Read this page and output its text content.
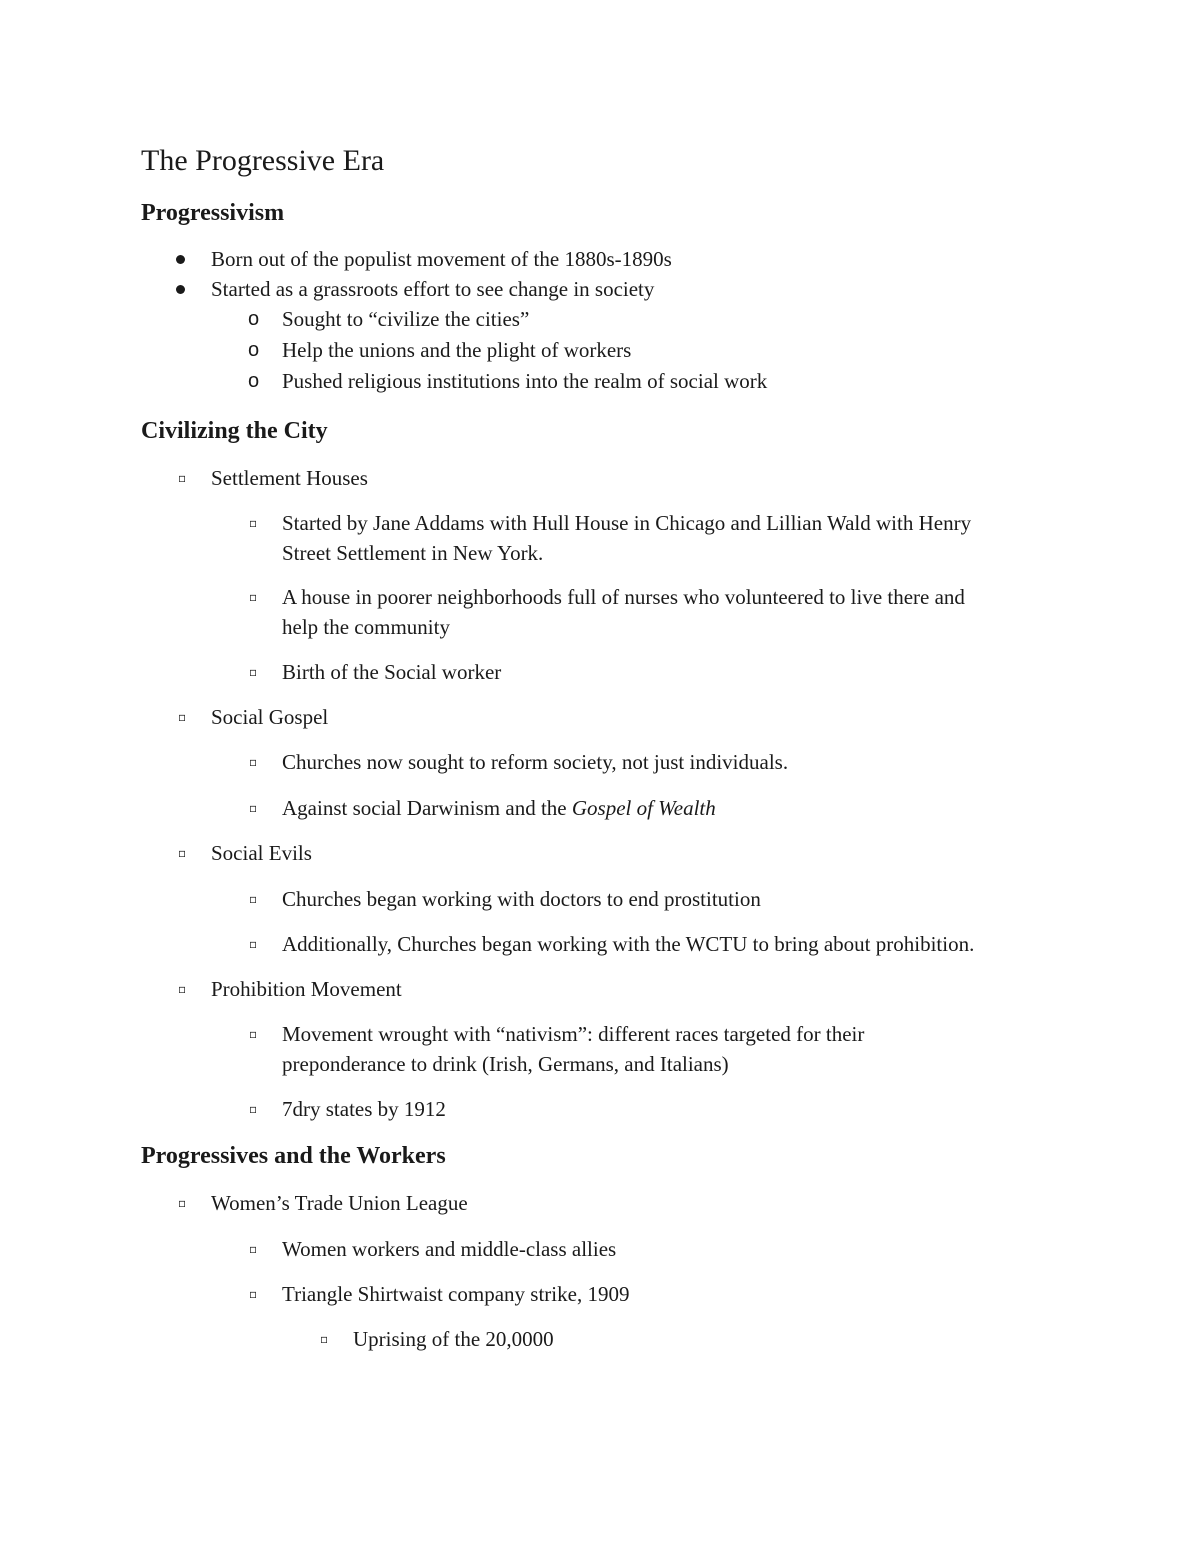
The Progressive Era
Progressivism

Born out of the populist movement of the 1880s-1890s

Started as a grassroots effort to see change in society

o Sought to “civilize the cities”

o Help the unions and the plight of workers

o Pushed religious institutions into the realm of social work

Civilizing the City
▫ Settlement Houses

▫ Started by Jane Addams with Hull House in Chicago and Lillian Wald with Henry

Street Settlement in New York.

▫ A house in poorer neighborhoods full of nurses who volunteered to live there and

help the community

▫ Birth of the Social worker

▫ Social Gospel

▫ Churches now sought to reform society, not just individuals.

▫ Against social Darwinism and the Gospel of Wealth

▫ Social Evils

▫ Churches began working with doctors to end prostitution

▫ Additionally, Churches began working with the WCTU to bring about prohibition.

▫ Prohibition Movement

▫ Movement wrought with “nativism”: different races targeted for their

preponderance to drink (Irish, Germans, and Italians)

▫ 7dry states by 1912

Progressives and the Workers
▫ Women’s Trade Union League

▫ Women workers and middle-class allies

▫ Triangle Shirtwaist company strike, 1909

▫ Uprising of the 20,0000
